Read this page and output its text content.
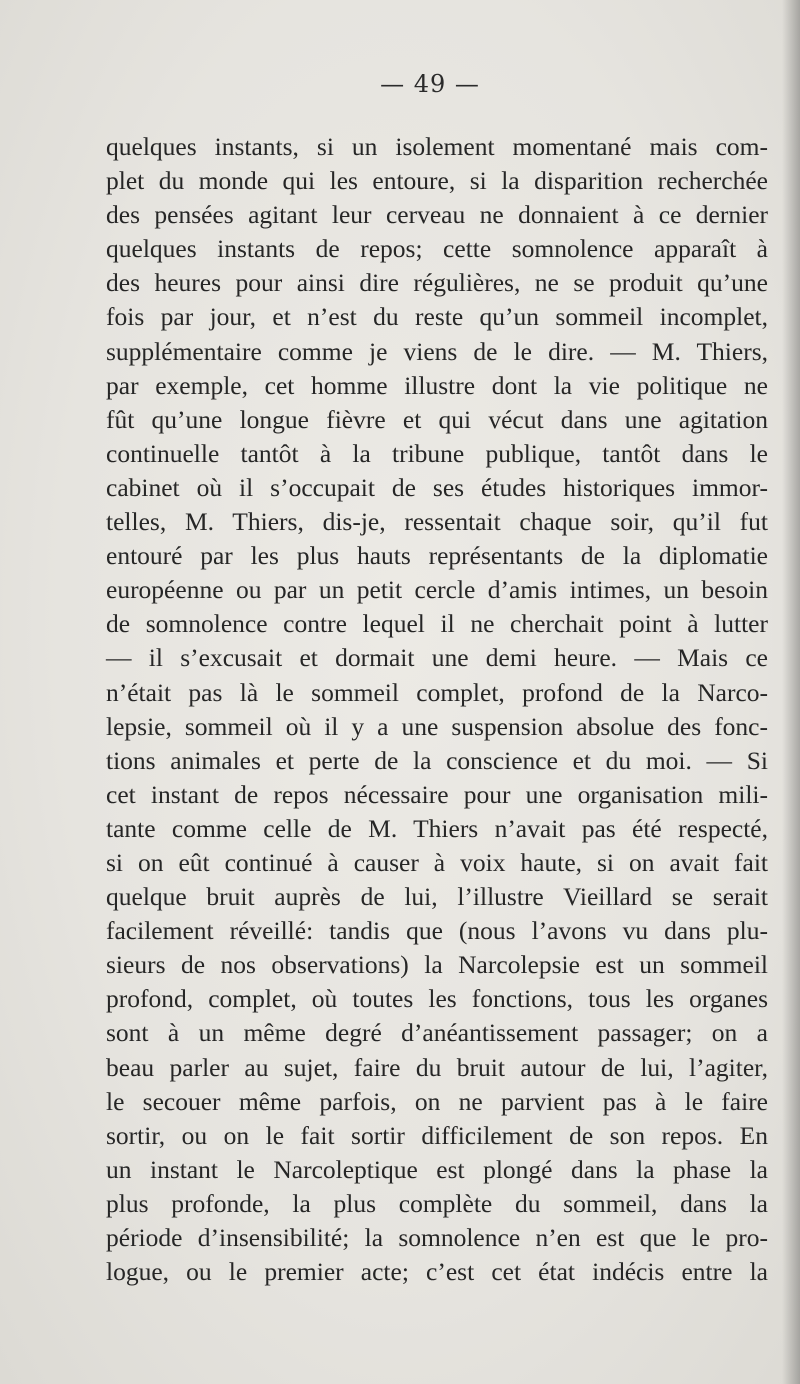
— 49 —
quelques instants, si un isolement momentané mais com-
plet du monde qui les entoure, si la disparition recherchée
des pensées agitant leur cerveau ne donnaient à ce dernier
quelques instants de repos; cette somnolence apparaît à
des heures pour ainsi dire régulières, ne se produit qu’une
fois par jour, et n’est du reste qu’un sommeil incomplet,
supplémentaire comme je viens de le dire. — M. Thiers,
par exemple, cet homme illustre dont la vie politique ne
fût qu’une longue fièvre et qui vécut dans une agitation
continuelle tantôt à la tribune publique, tantôt dans le
cabinet où il s’occupait de ses études historiques immor-
telles, M. Thiers, dis-je, ressentait chaque soir, qu’il fut
entouré par les plus hauts représentants de la diplomatie
européenne ou par un petit cercle d’amis intimes, un besoin
de somnolence contre lequel il ne cherchait point à lutter
— il s’excusait et dormait une demi heure. — Mais ce
n’était pas là le sommeil complet, profond de la Narco-
lepsie, sommeil où il y a une suspension absolue des fonc-
tions animales et perte de la conscience et du moi. — Si
cet instant de repos nécessaire pour une organisation mili-
tante comme celle de M. Thiers n’avait pas été respecté,
si on eût continué à causer à voix haute, si on avait fait
quelque bruit auprès de lui, l’illustre Vieillard se serait
facilement réveillé: tandis que (nous l’avons vu dans plu-
sieurs de nos observations) la Narcolepsie est un sommeil
profond, complet, où toutes les fonctions, tous les organes
sont à un même degré d’anéantissement passager; on a
beau parler au sujet, faire du bruit autour de lui, l’agiter,
le secouer même parfois, on ne parvient pas à le faire
sortir, ou on le fait sortir difficilement de son repos. En
un instant le Narcoleptique est plongé dans la phase la
plus profonde, la plus complète du sommeil, dans la
période d’insensibilité; la somnolence n’en est que le pro-
logue, ou le premier acte; c’est cet état indécis entre la
